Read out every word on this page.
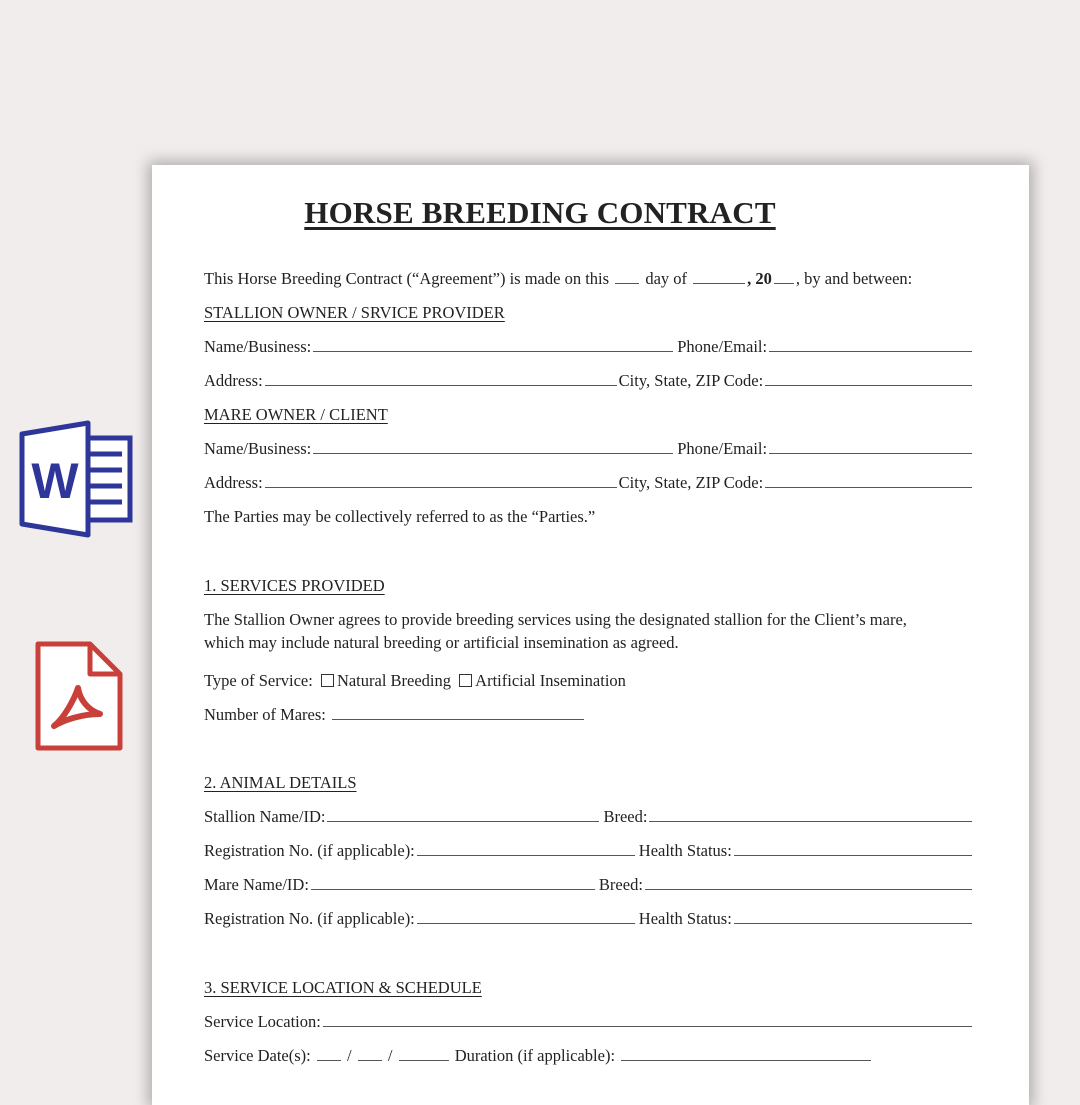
W
HORSE BREEDING CONTRACT
This Horse Breeding Contract (“Agreement”) is made on this day of	, 20 , by and between:
STALLION OWNER / SRVICE PROVIDER
Name/Business:	Phone/Email:
Address:	City, State, ZIP Code:
MARE OWNER / CLIENT
Name/Business:	Phone/Email:
Address:	City, State, ZIP Code:
The Parties may be collectively referred to as the “Parties.”
1. SERVICES PROVIDED
The Stallion Owner agrees to provide breeding services using the designated stallion for the Client’s mare,
which may include natural breeding or artificial insemination as agreed.
Type of Service: Natural Breeding Artificial Insemination
Number of Mares:
2. ANIMAL DETAILS
Stallion Name/ID:	Breed:
Registration No. (if applicable):	Health Status:
Mare Name/ID:	Breed:
Registration No. (if applicable):	Health Status:
3. SERVICE LOCATION & SCHEDULE
Service Location:
Service Date(s): / /	Duration (if applicable):
